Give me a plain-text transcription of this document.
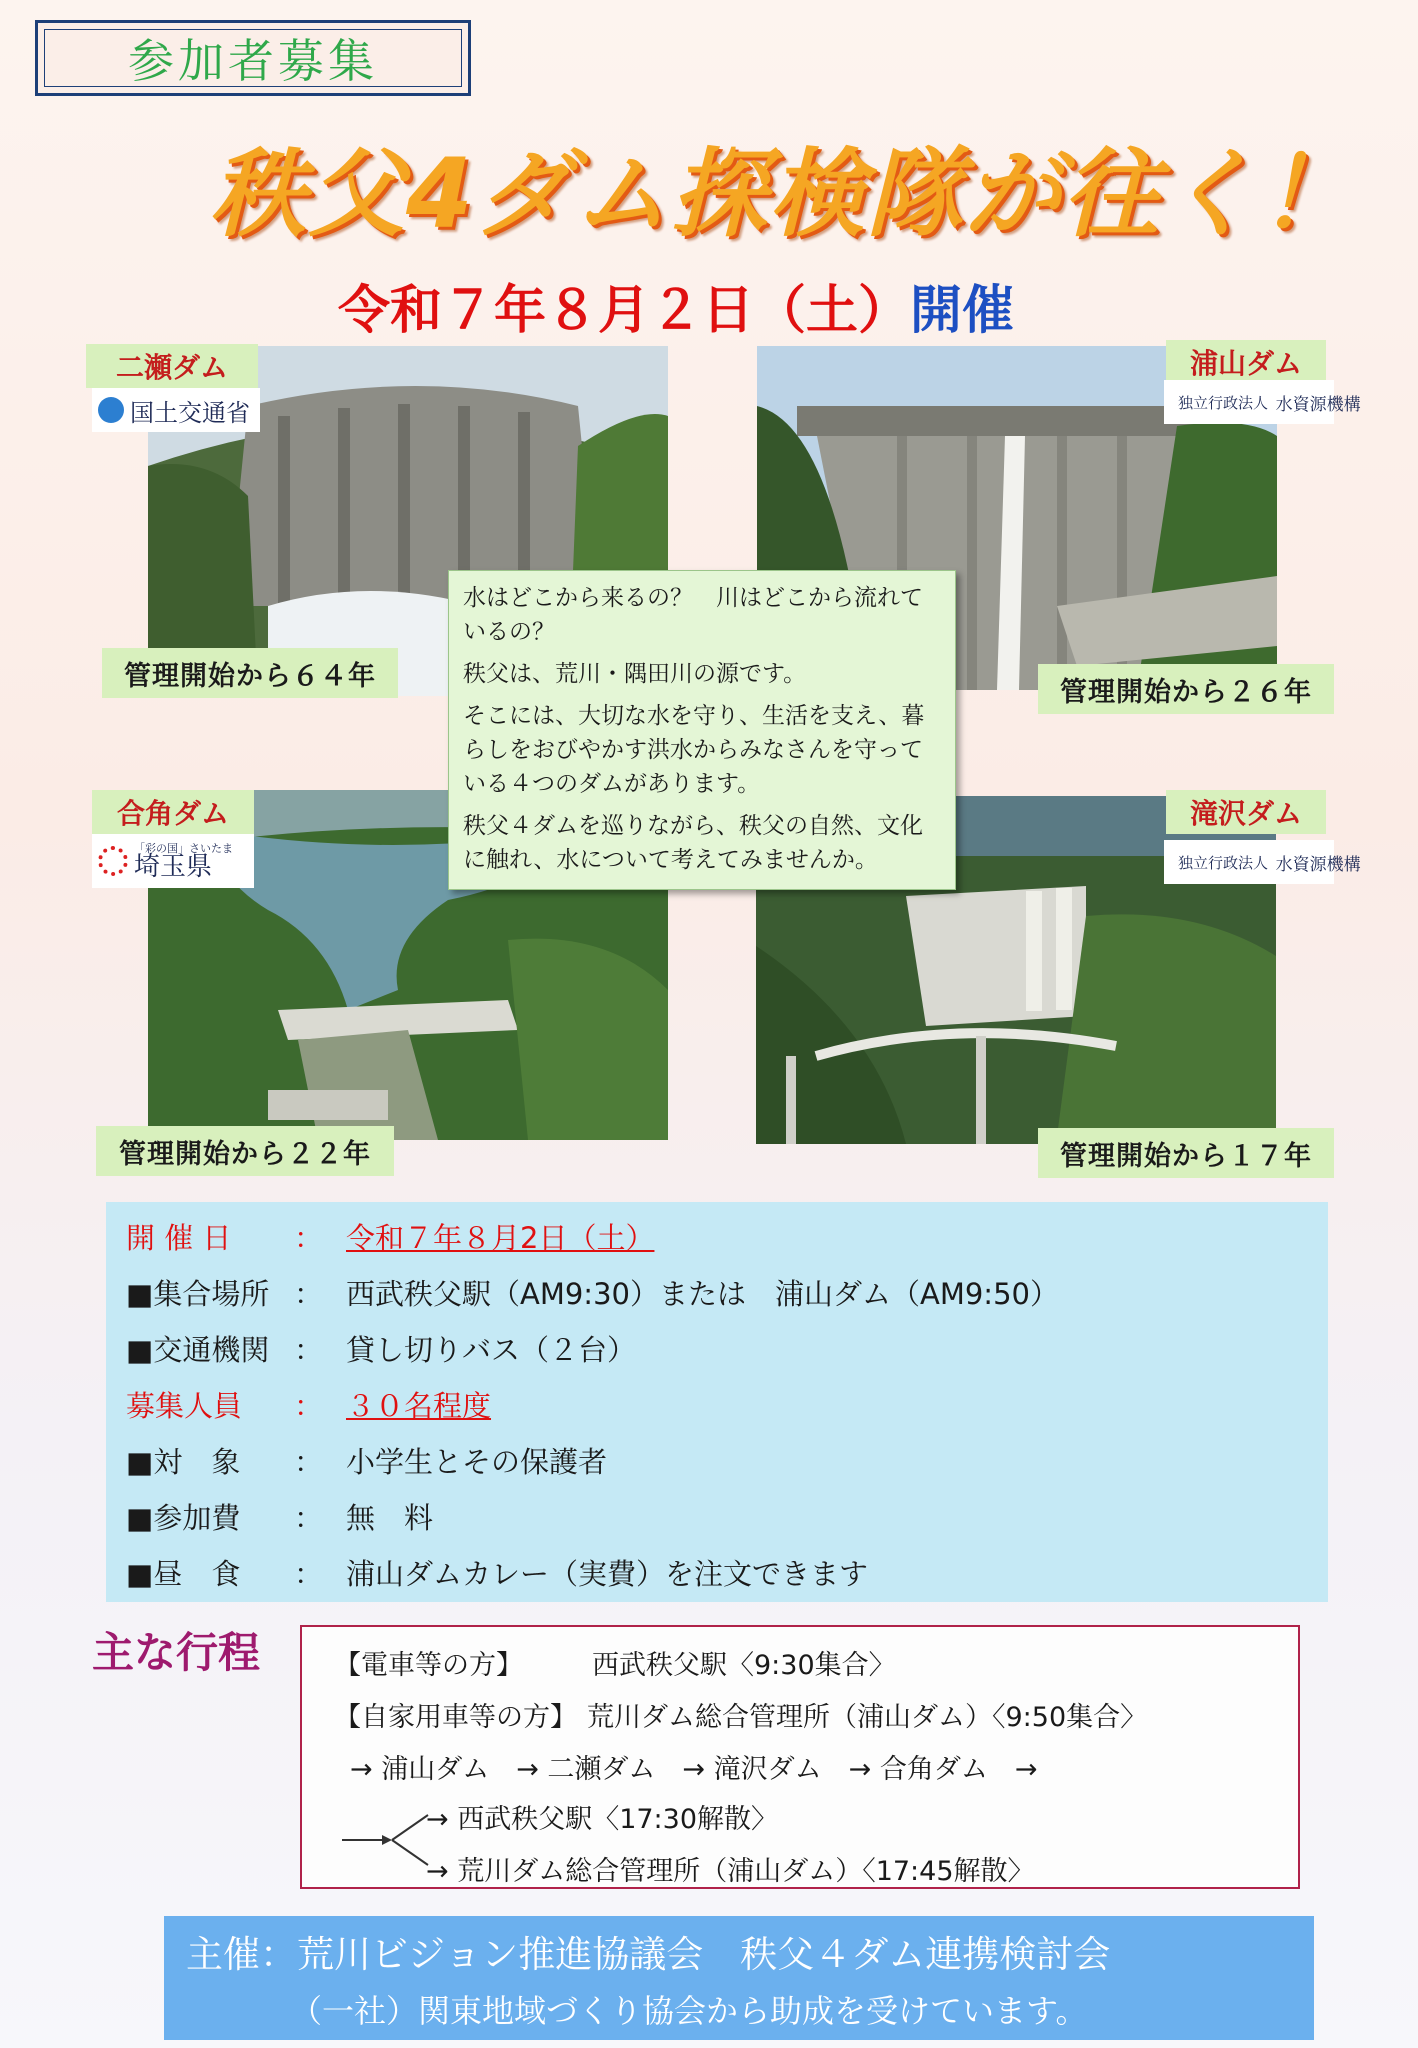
参加者募集
秩父4ダム探検隊が往く！
令和７年８月２日（土）開催
二瀬ダム
国土交通省
管理開始から６４年
浦山ダム
独立行政法人
水資源機構
管理開始から２６年
合角ダム
「彩の国」さいたま
埼玉県
管理開始から２２年
滝沢ダム
独立行政法人
水資源機構
管理開始から１７年

水はどこから来るの？　川はどこから流れているの？

秩父は、荒川・隅田川の源です。

そこには、大切な水を守り、生活を支え、暮らしをおびやかす洪水からみなさんを守っている４つのダムがあります。

秩父４ダムを巡りながら、秩父の自然、文化に触れ、水について考えてみませんか。

開 催 日 ： 令和７年８月2日（土）
■集合場所 ： 西武秩父駅（AM9:30）または　浦山ダム（AM9:50）
■交通機関 ： 貸し切りバス（２台）
募集人員 ： ３０名程度
■対　象 ： 小学生とその保護者
■参加費 ： 無　料
■昼　食 ： 浦山ダムカレー（実費）を注文できます
主な行程	【電車等の方】	西武秩父駅〈9:30集合〉
【自家用車等の方】 荒川ダム総合管理所（浦山ダム）〈9:50集合〉
→ 浦山ダム　→ 二瀬ダム　→ 滝沢ダム　→ 合角ダム　→
→ 西武秩父駅〈17:30解散〉
→ 荒川ダム総合管理所（浦山ダム）〈17:45解散〉
主催：荒川ビジョン推進協議会　秩父４ダム連携検討会
（一社）関東地域づくり協会から助成を受けています。
